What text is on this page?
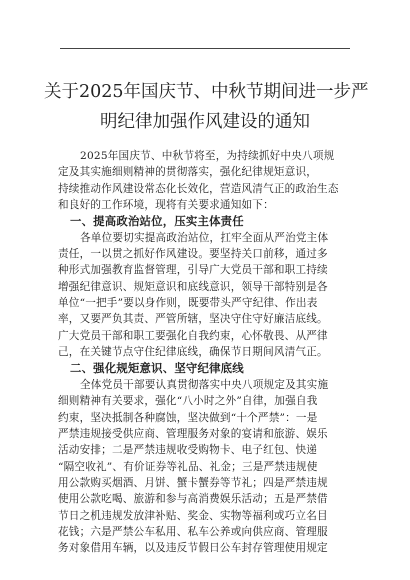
关于2025年国庆节、中秋节期间进一步严
明纪律加强作风建设的通知
2025年国庆节、中秋节将至，为持续抓好中央八项规
定及其实施细则精神的贯彻落实，强化纪律规矩意识，
持续推动作风建设常态化长效化，营造风清气正的政治生态
和良好的工作环境，现将有关要求通知如下：
一、提高政治站位，压实主体责任
各单位要切实提高政治站位，扛牢全面从严治党主体
责任，一以贯之抓好作风建设。要坚持关口前移，通过多
种形式加强教育监督管理，引导广大党员干部和职工持续
增强纪律意识、规矩意识和底线意识，领导干部特别是各
单位“一把手”要以身作则，既要带头严守纪律、作出表
率，又要严负其责、严管所辖，坚决守住守好廉洁底线。
广大党员干部和职工要强化自我约束，心怀敬畏、从严律
己，在关键节点守住纪律底线，确保节日期间风清气正。
二、强化规矩意识、坚守纪律底线
全体党员干部要认真贯彻落实中央八项规定及其实施
细则精神有关要求，强化“八小时之外”自律，加强自我
约束，坚决抵制各种腐蚀，坚决做到“十个严禁”：一是
严禁违规接受供应商、管理服务对象的宴请和旅游、娱乐
活动安排；二是严禁违规收受购物卡、电子红包、快递
“隔空收礼”、有价证券等礼品、礼金；三是严禁违规使
用公款购买烟酒、月饼、蟹卡蟹券等节礼；四是严禁违规
使用公款吃喝、旅游和参与高消费娱乐活动；五是严禁借
节日之机违规发放津补贴、奖金、实物等福利或巧立名目
花钱；六是严禁公车私用、私车公养或向供应商、管理服
务对象借用车辆，以及违反节假日公车封存管理使用规定
